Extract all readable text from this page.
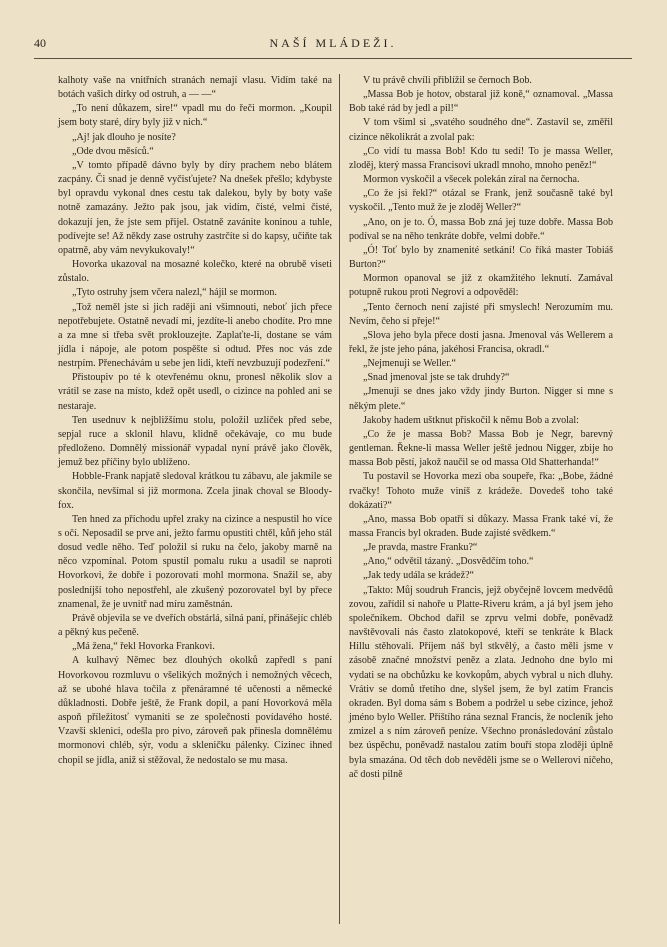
40	NAŠÍ MLÁDEŽI.

kalhoty vaše na vnitřních stranách nemají vlasu. Vidím také na botách vašich dírky od ostruh, a — —“

„To není důkazem, sire!“ vpadl mu do řeči mormon. „Koupil jsem boty staré, díry byly již v nich.“

„Aj! jak dlouho je nosíte?

„Ode dvou měsíců.“

„V tomto případě dávno byly by díry prachem nebo blátem zacpány. Či snad je denně vyčisťujete? Na dnešek přešlo; kdybyste byl opravdu vykonal dnes cestu tak dalekou, byly by boty vaše notně zamazány. Ježto pak jsou, jak vidím, čisté, velmi čisté, dokazují jen, že jste sem přijel. Ostatně zavánite koninou a tuhle, podívejte se! Až někdy zase ostruhy zastrčíte si do kapsy, učiňte tak opatrně, aby vám nevykukovaly!“

Hovorka ukazoval na mosazné kolečko, které na obrubě viseti zůstalo.

„Tyto ostruhy jsem včera nalezl,“ hájil se mormon.

„Tož neměl jste si jich raději ani všimnouti, neboť jich přece nepotřebujete. Ostatně nevadí mi, jezdíte-li anebo chodíte. Pro mne a za mne si třeba svět proklouzejte. Zaplaťte-li, dostane se vám jídla i nápoje, ale potom pospěšte si odtud. Přes noc vás zde nestrpím. Přenechávám u sebe jen lidi, kteří nevzbuzují podezření.“

Přistoupiv po té k otevřenému oknu, pronesl několik slov a vrátil se zase na místo, kdež opět usedl, o cizince na pohled ani se nestaraje.

Ten usednuv k nejbližšímu stolu, položil uzlíček před sebe, sepjal ruce a sklonil hlavu, klidně očekávaje, co mu bude předloženo. Domnělý missionář vypadal nyní právě jako člověk, jemuž bez příčiny bylo ublíženo.

Hobble-Frank napjatě sledoval krátkou tu zábavu, ale jakmile se skončila, nevšímal si již mormona. Zcela jinak choval se Bloody-fox.

Ten hned za příchodu upřel zraky na cizince a nespustil ho více s očí. Neposadil se prve ani, ježto farmu opustiti chtěl, kůň jeho stál dosud vedle něho. Teď položil si ruku na čelo, jakoby marně na něco vzpomínal. Potom spustil pomalu ruku a usadil se naproti Hovorkovi, že dobře i pozorovati mohl mormona. Snažil se, aby posledníjší toho nepostřehl, ale zkušený pozorovatel byl by přece znamenal, že je uvnitř nad míru zaměstnán.

Právě objevila se ve dveřích obstárlá, silná paní, přinášejíc chléb a pěkný kus pečeně.

„Má žena,“ řekl Hovorka Frankovi.

A kulhavý Němec bez dlouhých okolků zapředl s paní Hovorkovou rozmluvu o všelikých možných i nemožných věcech, až se ubohé hlava točila z přenáramné té učenosti a německé důkladnosti. Dobře ještě, že Frank dopil, a paní Hovorková měla aspoň příležitosť vymaniti se ze společnosti povídavého hosté. Vzavši sklenici, odešla pro pivo, zároveň pak přinesla domnělému mormonovi chléb, sýr, vodu a skleničku pálenky. Cizinec ihned chopil se jídla, aniž si stěžoval, že nedostalo se mu masa.

V tu právě chvíli přiblížil se černoch Bob.

„Massa Bob je hotov, obstaral již koně,“ oznamoval. „Massa Bob také rád by jedl a pil!“

V tom všiml si „svatého soudného dne“. Zastavil se, změřil cizince několikrát a zvolal pak:

„Co vidí tu massa Bob! Kdo tu sedí! To je massa Weller, zloděj, který massa Francisovi ukradl mnoho, mnoho peněz!“

Mormon vyskočil a všecek polekán zíral na černocha.

„Co že jsi řekl?“ otázal se Frank, jenž současně také byl vyskočil. „Tento muž že je zloděj Weller?“

„Ano, on je to. Ó, massa Bob zná jej tuze dobře. Massa Bob podíval se na něho tenkráte dobře, velmi dobře.“

„Ó! Toť bylo by znamenité setkání! Co říká master Tobiáš Burton?“

Mormon opanoval se již z okamžitého leknutí. Zamával potupně rukou proti Negrovi a odpověděl:

„Tento černoch není zajisté při smyslech! Nerozumím mu. Nevím, čeho si přeje!“

„Slova jeho byla přece dosti jasna. Jmenoval vás Wellerem a řekl, že jste jeho pána, jakéhosi Francisa, okradl.“

„Nejmenuji se Weller.“

„Snad jmenoval jste se tak druhdy?“

„Jmenuji se dnes jako vždy jindy Burton. Nigger si mne s někým plete.“

Jakoby hadem uštknut přiskočil k němu Bob a zvolal:

„Co že je massa Bob? Massa Bob je Negr, barevný gentleman. Řekne-li massa Weller ještě jednou Nigger, zbije ho massa Bob pěstí, jakož naučil se od massa Old Shatterhanda!“

Tu postavil se Hovorka mezi oba soupeře, řka: „Bobe, žádné rvačky! Tohoto muže viníš z krádeže. Dovedeš toho také dokázati?“

„Ano, massa Bob opatří si důkazy. Massa Frank také ví, že massa Francis byl okraden. Bude zajisté svědkem.“

„Je pravda, mastre Franku?“

„Ano,“ odvětil tázaný. „Dosvědčím toho.“

„Jak tedy udála se krádež?“

„Takto: Můj soudruh Francis, jejž obyčejně lovcem medvědů zovou, zařídil si nahoře u Platte-Riveru krám, a já byl jsem jeho společníkem. Obchod dařil se zprvu velmi dobře, poněvadž navštěvovali nás často zlatokopové, kteří se tenkráte k Black Hillu stěhovali. Příjem náš byl stkvělý, a často měli jsme v zásobě značné množství peněz a zlata. Jednoho dne bylo mi vydati se na obchůzku ke kovkopům, abych vybral u nich dluhy. Vrátiv se domů třetího dne, slyšel jsem, že byl zatím Francis okraden. Byl doma sám s Bobem a podržel u sebe cizince, jehož jméno bylo Weller. Příštího rána seznal Francis, že nocleník jeho zmizel a s ním zároveň peníze. Všechno pronásledování zůstalo bez úspěchu, poněvadž nastalou zatím bouří stopa zloději úplně byla smazána. Od těch dob nevěděli jsme se o Wellerovi ničeho, ač dosti pilně
